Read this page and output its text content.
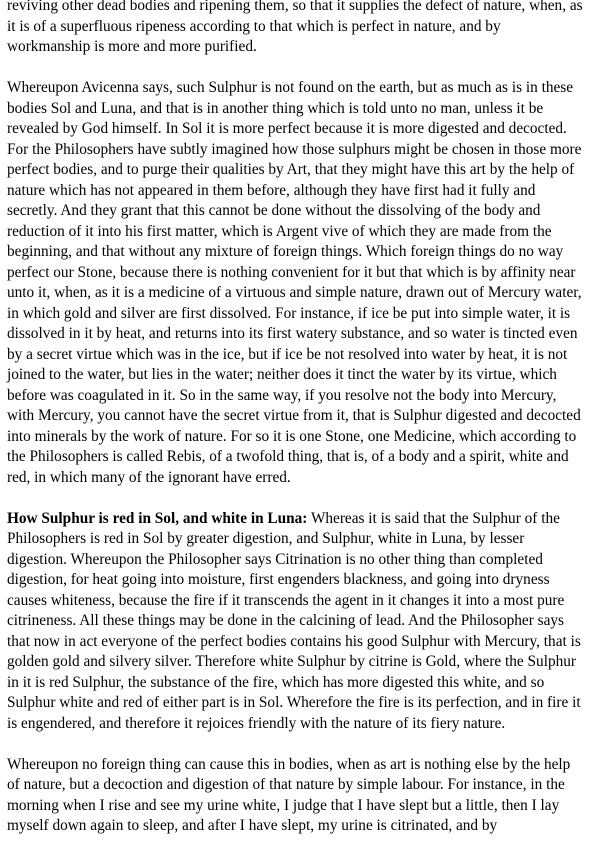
reviving other dead bodies and ripening them, so that it supplies the defect of nature, when, as it is of a superfluous ripeness according to that which is perfect in nature, and by workmanship is more and more purified.

Whereupon Avicenna says, such Sulphur is not found on the earth, but as much as is in these bodies Sol and Luna, and that is in another thing which is told unto no man, unless it be revealed by God himself. In Sol it is more perfect because it is more digested and decocted. For the Philosophers have subtly imagined how those sulphurs might be chosen in those more perfect bodies, and to purge their qualities by Art, that they might have this art by the help of nature which has not appeared in them before, although they have first had it fully and secretly. And they grant that this cannot be done without the dissolving of the body and reduction of it into his first matter, which is Argent vive of which they are made from the beginning, and that without any mixture of foreign things. Which foreign things do no way perfect our Stone, because there is nothing convenient for it but that which is by affinity near unto it, when, as it is a medicine of a virtuous and simple nature, drawn out of Mercury water, in which gold and silver are first dissolved. For instance, if ice be put into simple water, it is dissolved in it by heat, and returns into its first watery substance, and so water is tincted even by a secret virtue which was in the ice, but if ice be not resolved into water by heat, it is not joined to the water, but lies in the water; neither does it tinct the water by its virtue, which before was coagulated in it. So in the same way, if you resolve not the body into Mercury, with Mercury, you cannot have the secret virtue from it, that is Sulphur digested and decocted into minerals by the work of nature. For so it is one Stone, one Medicine, which according to the Philosophers is called Rebis, of a twofold thing, that is, of a body and a spirit, white and red, in which many of the ignorant have erred.

How Sulphur is red in Sol, and white in Luna: Whereas it is said that the Sulphur of the Philosophers is red in Sol by greater digestion, and Sulphur, white in Luna, by lesser digestion. Whereupon the Philosopher says Citrination is no other thing than completed digestion, for heat going into moisture, first engenders blackness, and going into dryness causes whiteness, because the fire if it transcends the agent in it changes it into a most pure citrineness. All these things may be done in the calcining of lead. And the Philosopher says that now in act everyone of the perfect bodies contains his good Sulphur with Mercury, that is golden gold and silvery silver. Therefore white Sulphur by citrine is Gold, where the Sulphur in it is red Sulphur, the substance of the fire, which has more digested this white, and so Sulphur white and red of either part is in Sol. Wherefore the fire is its perfection, and in fire it is engendered, and therefore it rejoices friendly with the nature of its fiery nature.

Whereupon no foreign thing can cause this in bodies, when as art is nothing else by the help of nature, but a decoction and digestion of that nature by simple labour. For instance, in the morning when I rise and see my urine white, I judge that I have slept but a little, then I lay myself down again to sleep, and after I have slept, my urine is citrinated, and by
